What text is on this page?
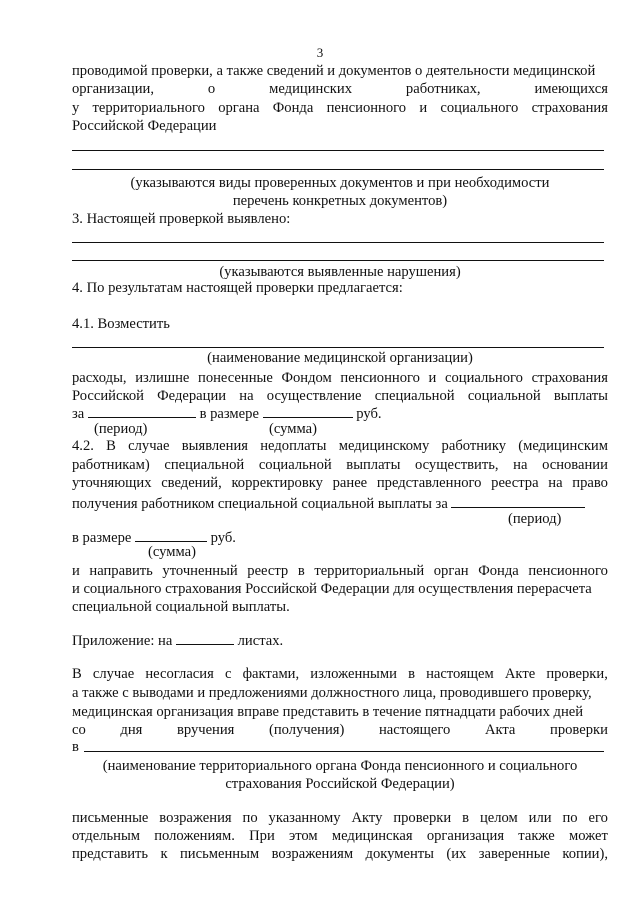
3
проводимой проверки, а также сведений и документов о деятельности медицинской
организации,	о	медицинских	работниках,	имеющихся
у территориального органа Фонда пенсионного и социального страхования
Российской Федерации
(указываются виды проверенных документов и при необходимости
перечень конкретных документов)
3. Настоящей проверкой выявлено:
(указываются выявленные нарушения)
4. По результатам настоящей проверки предлагается:
4.1. Возместить
(наименование медицинской организации)
расходы, излишне понесенные Фондом пенсионного и социального страхования
Российской Федерации на осуществление специальной социальной выплаты
за	в размере	руб.
(период)	(сумма)
4.2. В случае выявления недоплаты медицинскому работнику (медицинским
работникам) специальной социальной выплаты осуществить, на основании
уточняющих сведений, корректировку ранее представленного реестра на право
получения работником специальной социальной выплаты за
(период)
в размере	руб.
(сумма)
и направить уточненный реестр в территориальный орган Фонда пенсионного
и социального страхования Российской Федерации для осуществления перерасчета
специальной социальной выплаты.
Приложение: на	листах.
В случае несогласия с фактами, изложенными в настоящем Акте проверки,
а также с выводами и предложениями должностного лица, проводившего проверку,
медицинская организация вправе представить в течение пятнадцати рабочих дней
со дня вручения (получения) настоящего Акта проверки
в
(наименование территориального органа Фонда пенсионного и социального
страхования Российской Федерации)
письменные возражения по указанному Акту проверки в целом или по его
отдельным положениям. При этом медицинская организация также может
представить к письменным возражениям документы (их заверенные копии),
